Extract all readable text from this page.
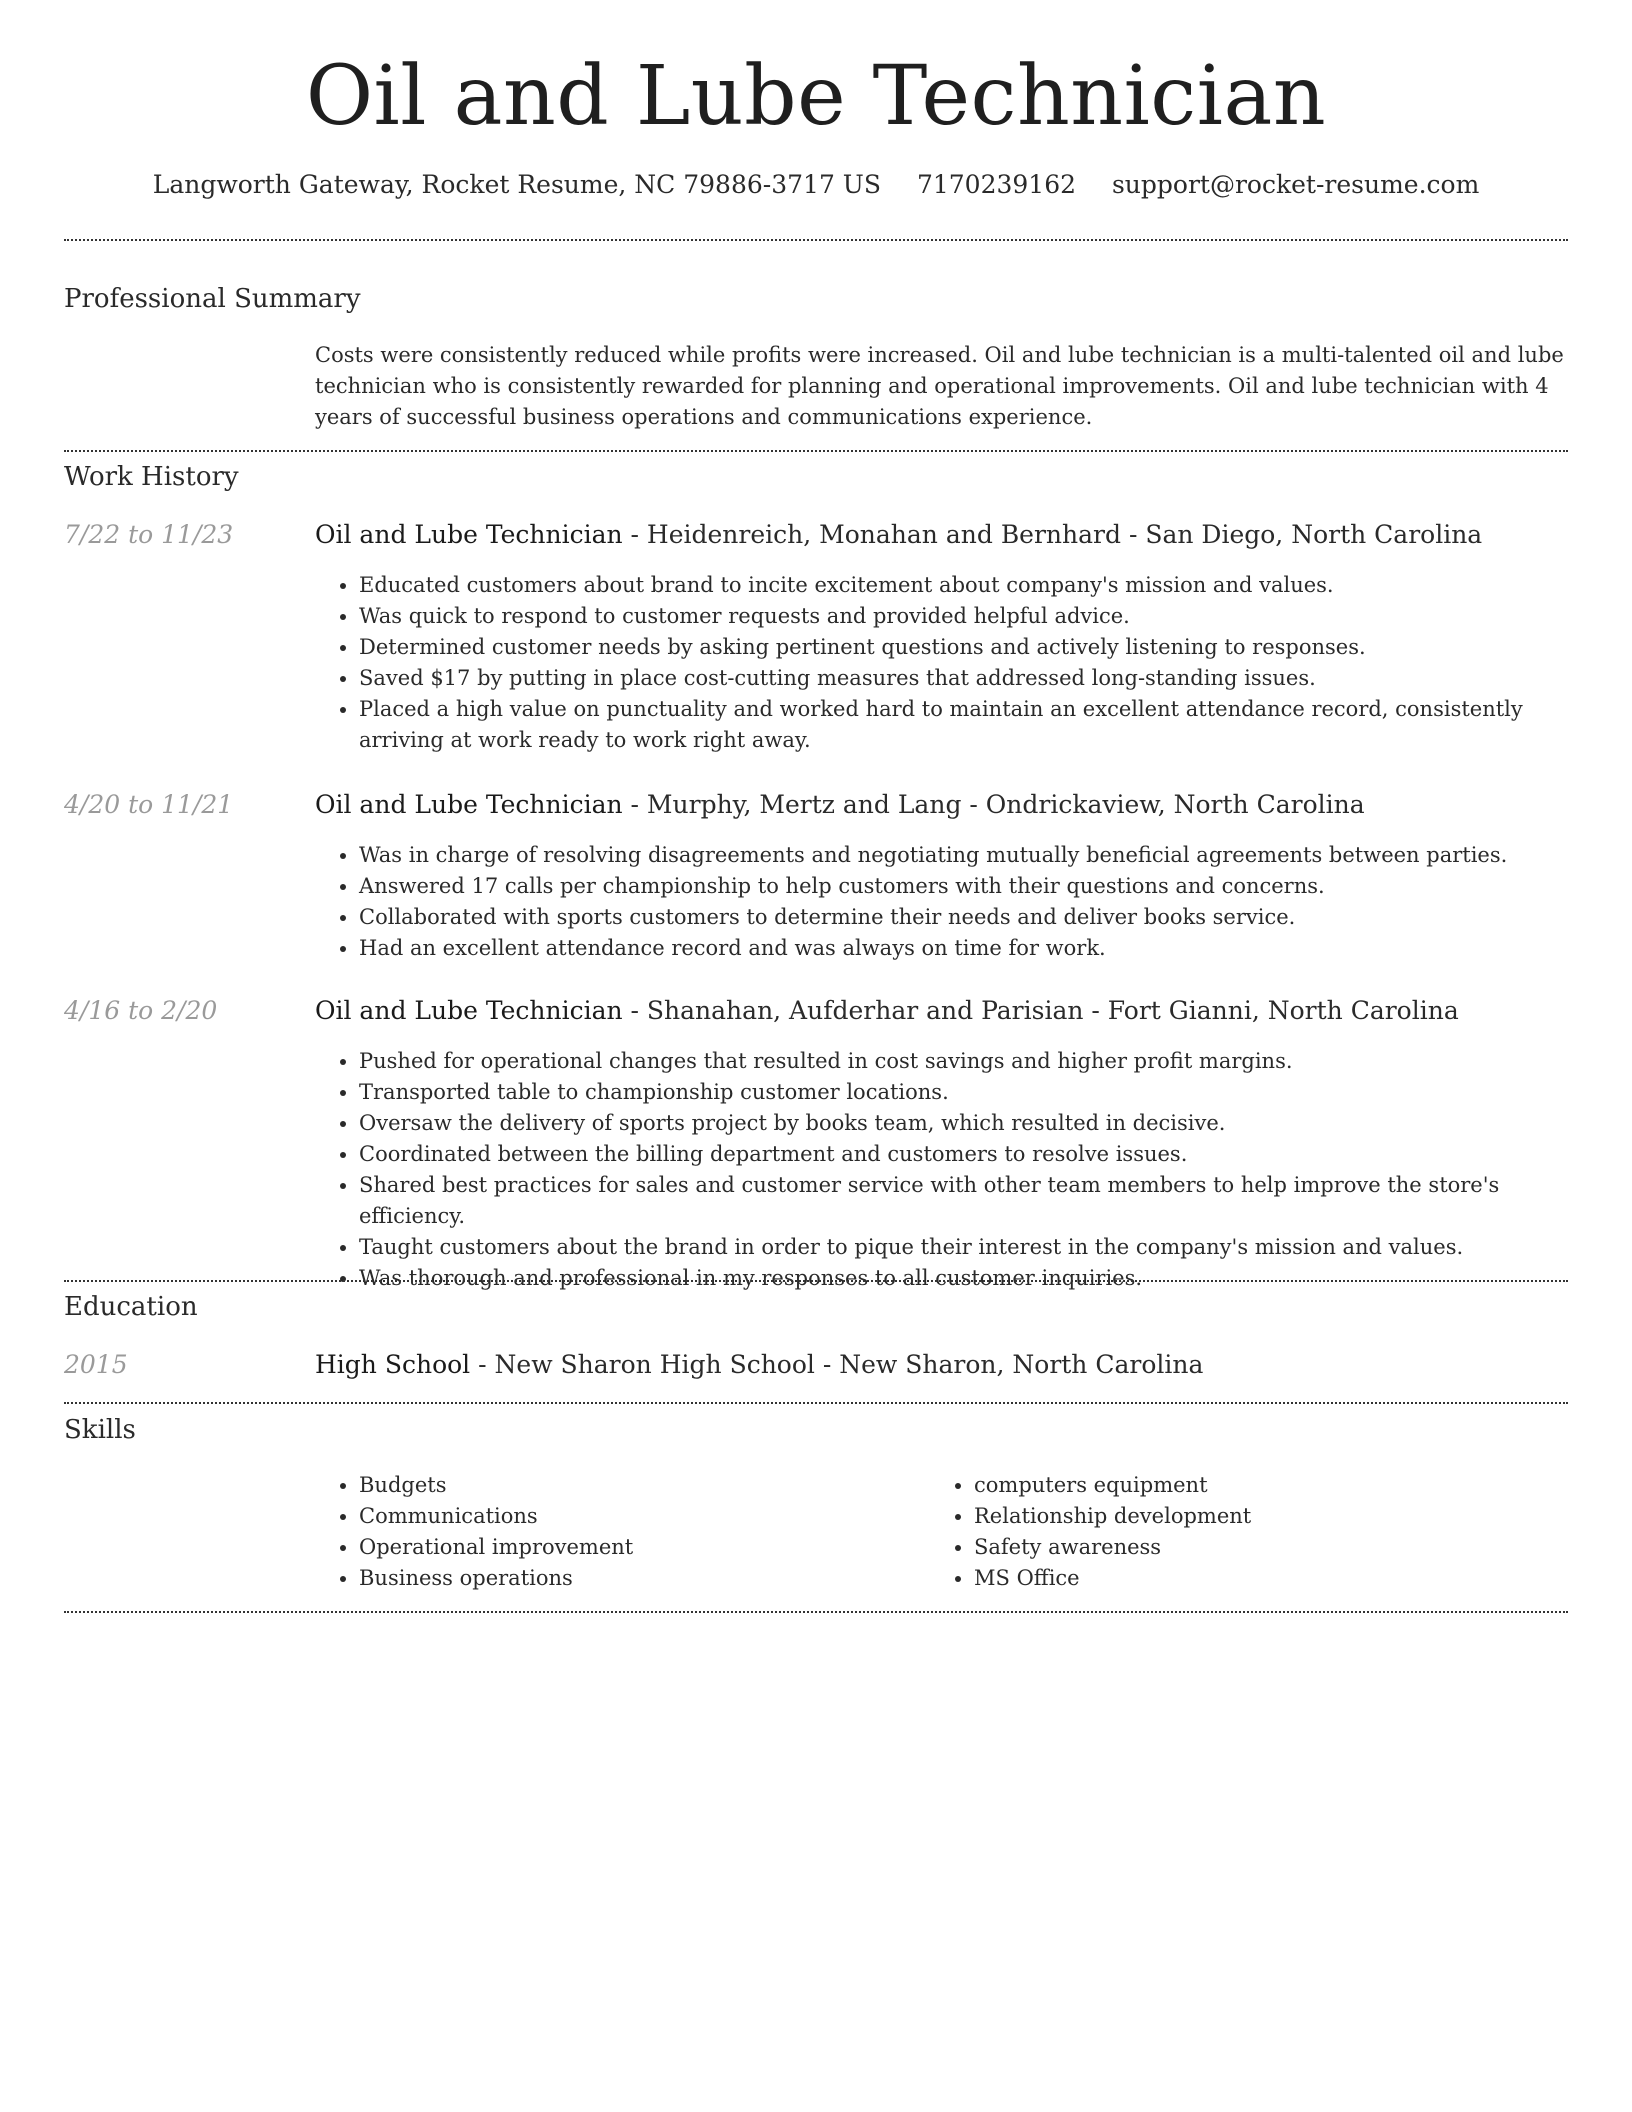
Oil and Lube Technician
Langworth Gateway, Rocket Resume, NC 79886-3717 US 7170239162 support@rocket-resume.com
Professional Summary
Costs were consistently reduced while profits were increased. Oil and lube technician is a multi-talented oil and lube technician who is consistently rewarded for planning and operational improvements. Oil and lube technician with 4 years of successful business operations and communications experience.
Work History
7/22 to 11/23	Oil and Lube Technician - Heidenreich, Monahan and Bernhard - San Diego, North Carolina
• Educated customers about brand to incite excitement about company's mission and values.
• Was quick to respond to customer requests and provided helpful advice.
• Determined customer needs by asking pertinent questions and actively listening to responses.
• Saved $17 by putting in place cost-cutting measures that addressed long-standing issues.
• Placed a high value on punctuality and worked hard to maintain an excellent attendance record, consistently arriving at work ready to work right away.
4/20 to 11/21	Oil and Lube Technician - Murphy, Mertz and Lang - Ondrickaview, North Carolina
• Was in charge of resolving disagreements and negotiating mutually beneficial agreements between parties.
• Answered 17 calls per championship to help customers with their questions and concerns.
• Collaborated with sports customers to determine their needs and deliver books service.
• Had an excellent attendance record and was always on time for work.
4/16 to 2/20	Oil and Lube Technician - Shanahan, Aufderhar and Parisian - Fort Gianni, North Carolina
• Pushed for operational changes that resulted in cost savings and higher profit margins.
• Transported table to championship customer locations.
• Oversaw the delivery of sports project by books team, which resulted in decisive.
• Coordinated between the billing department and customers to resolve issues.
• Shared best practices for sales and customer service with other team members to help improve the store's efficiency.
• Taught customers about the brand in order to pique their interest in the company's mission and values.
• Was thorough and professional in my responses to all customer inquiries.
Education
2015	High School - New Sharon High School - New Sharon, North Carolina
Skills
• Budgets
• Communications
• Operational improvement
• Business operations
• computers equipment
• Relationship development
• Safety awareness
• MS Office
